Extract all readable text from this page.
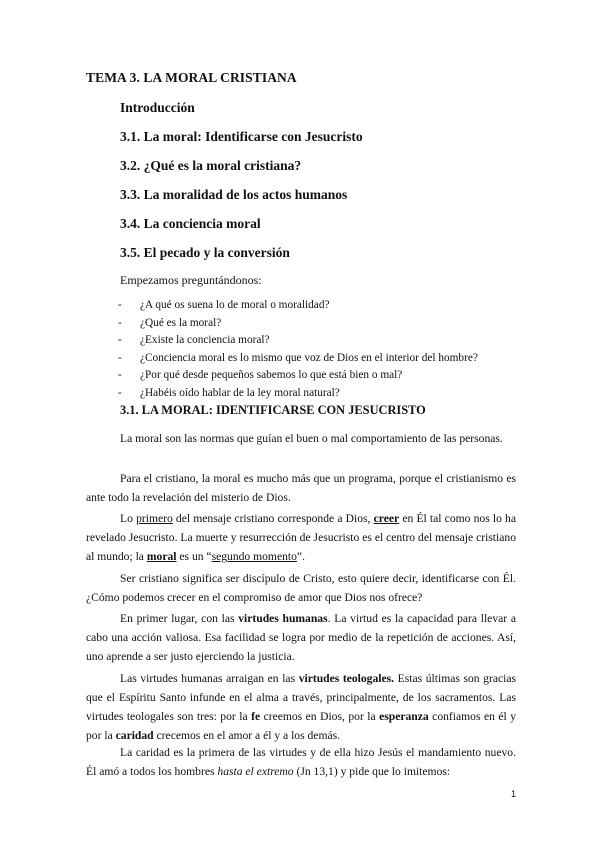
TEMA 3. LA MORAL CRISTIANA
Introducción
3.1. La moral: Identificarse con Jesucristo
3.2. ¿Qué es la moral cristiana?
3.3. La moralidad de los actos humanos
3.4. La conciencia moral
3.5. El pecado y la conversión
Empezamos preguntándonos:
-	¿A qué os suena lo de moral o moralidad?
-	¿Qué es la moral?
-	¿Existe la conciencia moral?
-	¿Conciencia moral es lo mismo que voz de Dios en el interior del hombre?
-	¿Por qué desde pequeños sabemos lo que está bien o mal?
-	¿Habéis oído hablar de la ley moral natural?
3.1. LA MORAL: IDENTIFICARSE CON JESUCRISTO

La moral son las normas que guían el buen o mal comportamiento de las personas.

Para el cristiano, la moral es mucho más que un programa, porque el cristianismo es ante todo la revelación del misterio de Dios.

Lo primero del mensaje cristiano corresponde a Dios, creer en Él tal como nos lo ha revelado Jesucristo. La muerte y resurrección de Jesucristo es el centro del mensaje cristiano al mundo; la moral es un “segundo momento”.

Ser cristiano significa ser discípulo de Cristo, esto quiere decir, identificarse con Él. ¿Cómo podemos crecer en el compromiso de amor que Dios nos ofrece?

En primer lugar, con las virtudes humanas. La virtud es la capacidad para llevar a cabo una acción valiosa. Esa facilidad se logra por medio de la repetición de acciones. Así, uno aprende a ser justo ejerciendo la justicia.

Las virtudes humanas arraigan en las virtudes teologales. Estas últimas son gracias que el Espíritu Santo infunde en el alma a través, principalmente, de los sacramentos. Las virtudes teologales son tres: por la fe creemos en Dios, por la esperanza confiamos en él y por la caridad crecemos en el amor a él y a los demás.

La caridad es la primera de las virtudes y de ella hizo Jesús el mandamiento nuevo. Él amó a todos los hombres hasta el extremo (Jn 13,1) y pide que lo imitemos:

1
